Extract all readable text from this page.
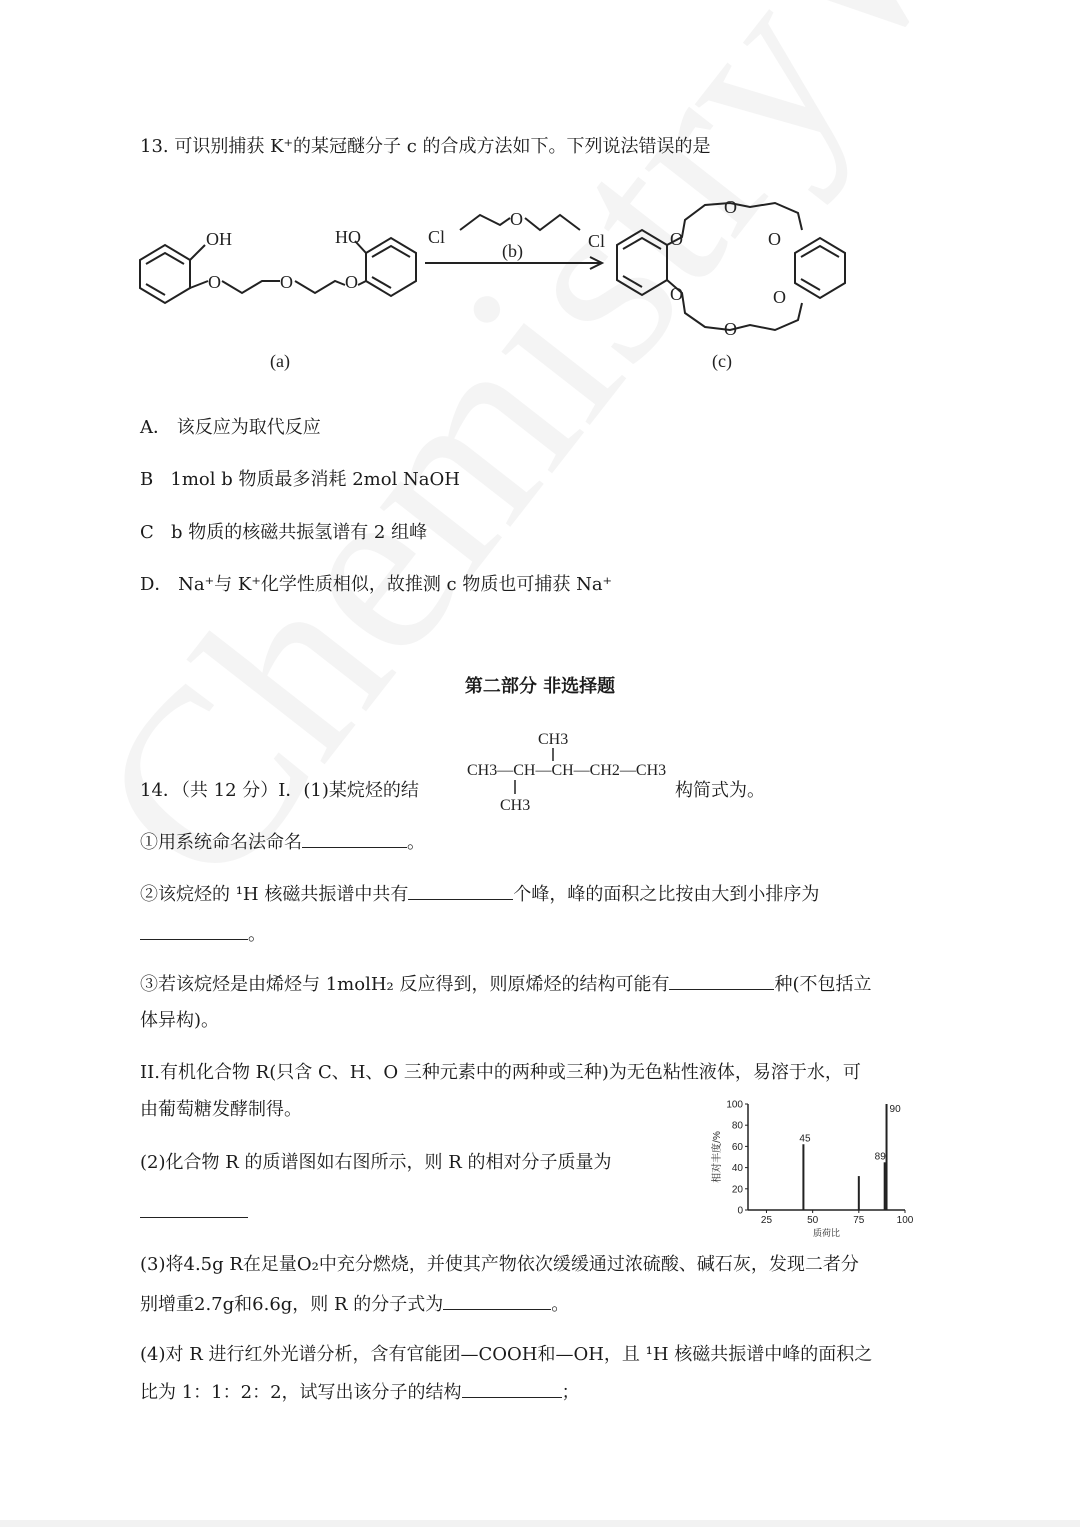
13. 可识别捕获 K⁺的某冠醚分子 c 的合成方法如下。下列说法错误的是
OH
O	O	O
HO	Cl
O
Cl
(b)
O
O
O
O
O
O
(a)	(c)
A． 该反应为取代反应
B 1mol b 物质最多消耗 2mol NaOH
C b 物质的核磁共振氢谱有 2 组峰
D． Na⁺与 K⁺化学性质相似，故推测 c 物质也可捕获 Na⁺
第二部分 非选择题
14．（共 12 分）I．(1)某烷烃的结
CH3
CH3—CH—CH—CH2—CH3
CH3
构简式为。
①用系统命名法命名	。
②该烷烃的 ¹H 核磁共振谱中共有	个峰，峰的面积之比按由大到小排序为
。
③若该烷烃是由烯烃与 1molH₂ 反应得到，则原烯烃的结构可能有	种(不包括立
体异构)。
II.有机化合物 R(只含 C、H、O 三种元素中的两种或三种)为无色粘性液体，易溶于水，可
由葡萄糖发酵制得。
(2)化合物 R 的质谱图如右图所示，则 R 的相对分子质量为
0
20
40
60
80
100
25	50	75	100
45
89
90
相对丰度/%
质荷比
(3)将4.5g R在足量O₂中充分燃烧，并使其产物依次缓缓通过浓硫酸、碱石灰，发现二者分
别增重2.7g和6.6g，则 R 的分子式为	。
(4)对 R 进行红外光谱分析，含有官能团—COOH和—OH，且 ¹H 核磁共振谱中峰的面积之
比为 1：1：2：2，试写出该分子的结构	；
